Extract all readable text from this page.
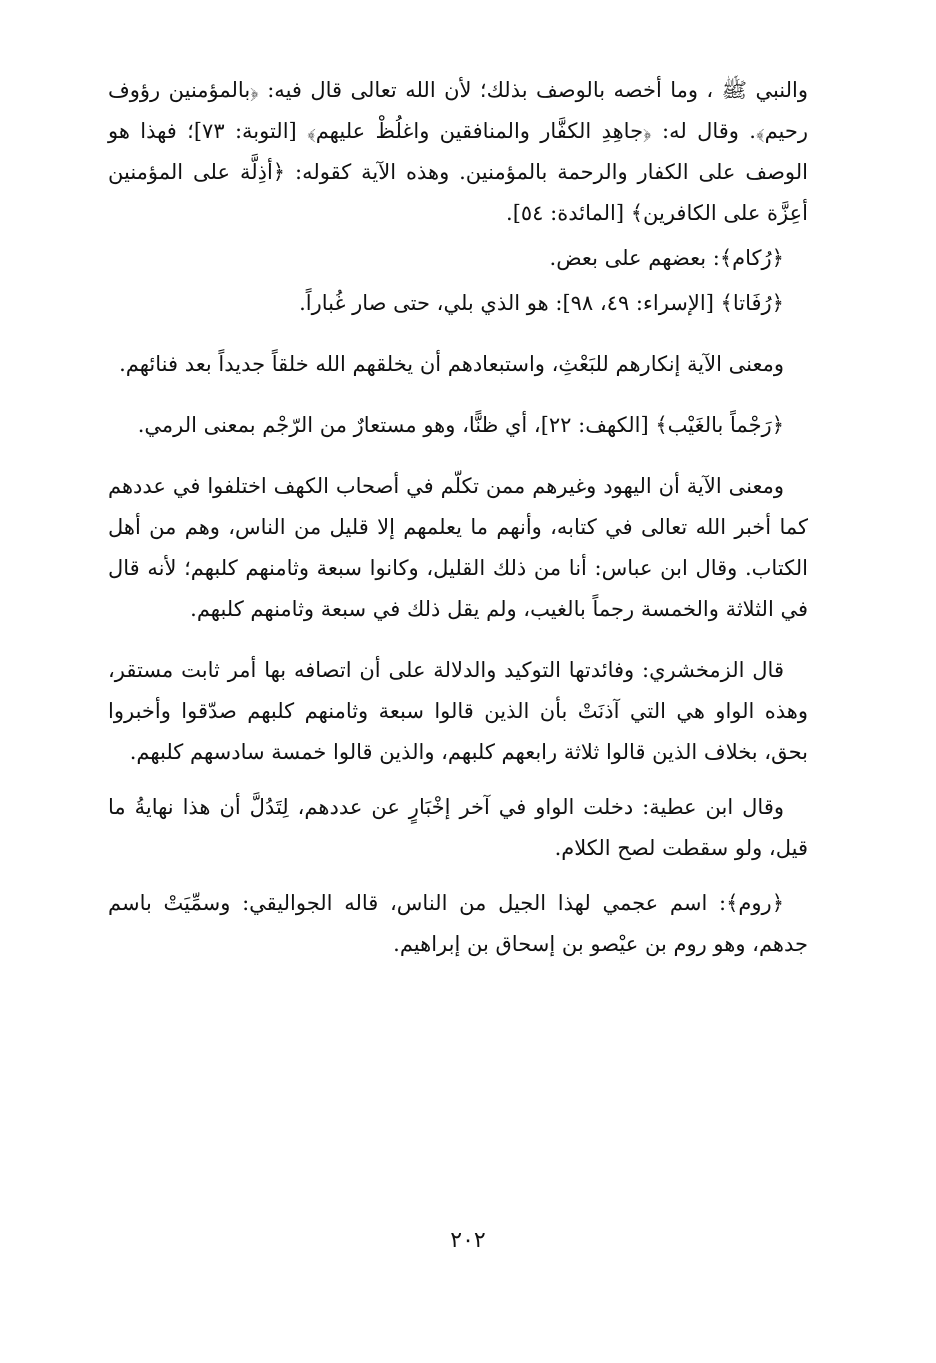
والنبي ﷺ ، وما أخصه بالوصف بذلك؛ لأن الله تعالى قال فيه: ﴿بالمؤمنين رؤوف رحيم﴾. وقال له: ﴿جاهِدِ الكفَّار والمنافقين واغلُظْ عليهم﴾ [التوبة: ٧٣]؛ فهذا هو الوصف على الكفار والرحمة بالمؤمنين. وهذه الآية كقوله: ﴿أذِلَّة على المؤمنين أعِزَّة على الكافرين﴾ [المائدة: ٥٤].

﴿رُكام﴾: بعضهم على بعض.

﴿رُفَاتا﴾ [الإسراء: ٤٩، ٩٨]: هو الذي بلي، حتى صار غُباراً.

ومعنى الآية إنكارهم للبَعْثِ، واستبعادهم أن يخلقهم الله خلقاً جديداً بعد فنائهم.

﴿رَجْماً بالغَيْب﴾ [الكهف: ٢٢]، أي ظنًّا، وهو مستعارٌ من الرّجْم بمعنى الرمي.

ومعنى الآية أن اليهود وغيرهم ممن تكلّم في أصحاب الكهف اختلفوا في عددهم كما أخبر الله تعالى في كتابه، وأنهم ما يعلمهم إلا قليل من الناس، وهم من أهل الكتاب. وقال ابن عباس: أنا من ذلك القليل، وكانوا سبعة وثامنهم كلبهم؛ لأنه قال في الثلاثة والخمسة رجماً بالغيب، ولم يقل ذلك في سبعة وثامنهم كلبهم.

قال الزمخشري: وفائدتها التوكيد والدلالة على أن اتصافه بها أمر ثابت مستقر، وهذه الواو هي التي آذنَتْ بأن الذين قالوا سبعة وثامنهم كلبهم صدّقوا وأخبروا بحق، بخلاف الذين قالوا ثلاثة رابعهم كلبهم، والذين قالوا خمسة سادسهم كلبهم.

وقال ابن عطية: دخلت الواو في آخر إخْبَارٍ عن عددهم، لِتَدُلَّ أن هذا نهايةُ ما قيل، ولو سقطت لصح الكلام.

﴿روم﴾: اسم عجمي لهذا الجيل من الناس، قاله الجواليقي: وسمِّيَتْ باسم جدهم، وهو روم بن عيْصو بن إسحاق بن إبراهيم.

٢٠٢
